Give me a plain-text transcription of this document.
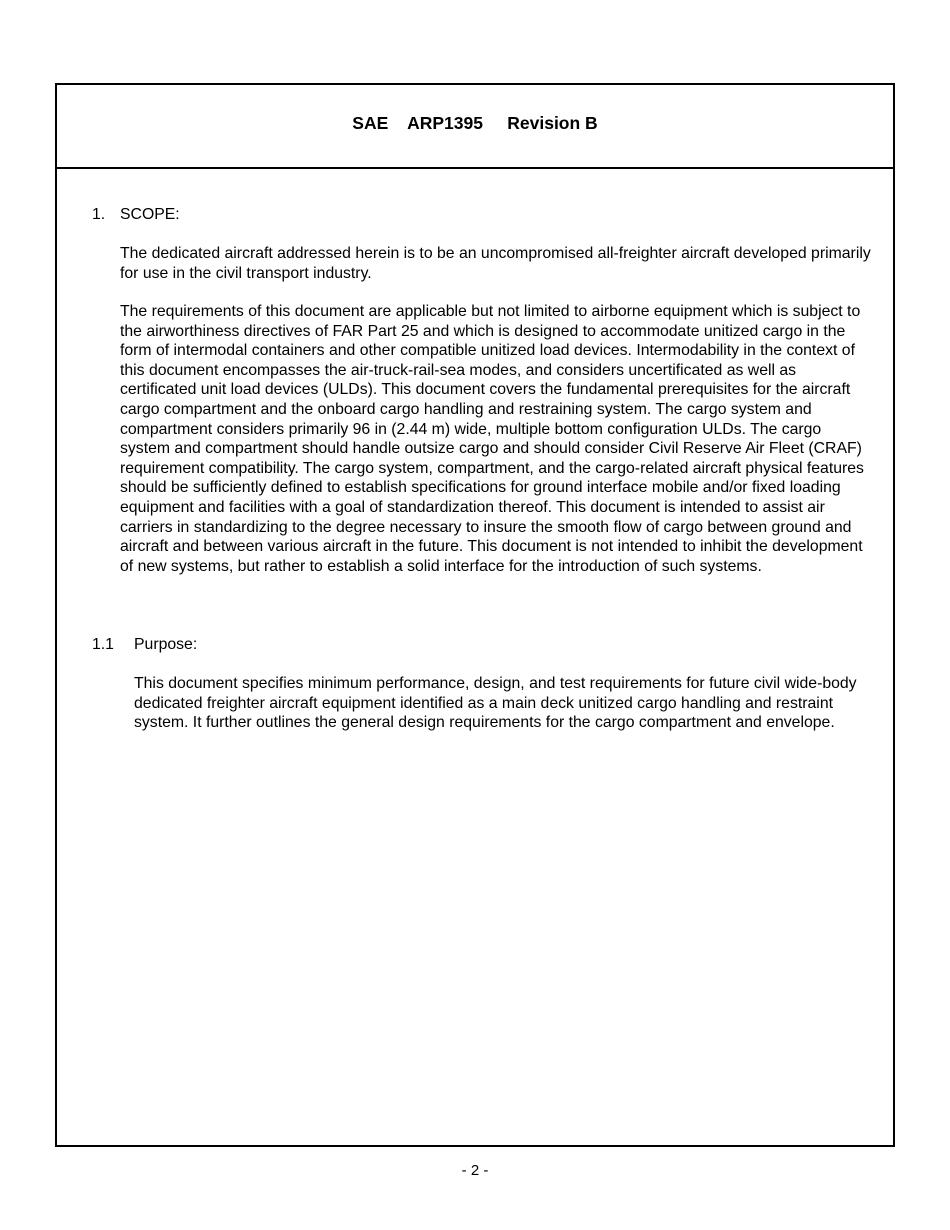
SAE    ARP1395     Revision B
1. SCOPE:
The dedicated aircraft addressed herein is to be an uncompromised all-freighter aircraft developed primarily for use in the civil transport industry.
The requirements of this document are applicable but not limited to airborne equipment which is subject to the airworthiness directives of FAR Part 25 and which is designed to accommodate unitized cargo in the form of intermodal containers and other compatible unitized load devices. Intermodability in the context of this document encompasses the air-truck-rail-sea modes, and considers uncertificated as well as certificated unit load devices (ULDs). This document covers the fundamental prerequisites for the aircraft cargo compartment and the onboard cargo handling and restraining system. The cargo system and compartment considers primarily 96 in (2.44 m) wide, multiple bottom configuration ULDs. The cargo system and compartment should handle outsize cargo and should consider Civil Reserve Air Fleet (CRAF) requirement compatibility. The cargo system, compartment, and the cargo-related aircraft physical features should be sufficiently defined to establish specifications for ground interface mobile and/or fixed loading equipment and facilities with a goal of standardization thereof. This document is intended to assist air carriers in standardizing to the degree necessary to insure the smooth flow of cargo between ground and aircraft and between various aircraft in the future. This document is not intended to inhibit the development of new systems, but rather to establish a solid interface for the introduction of such systems.
1.1 Purpose:
This document specifies minimum performance, design, and test requirements for future civil wide-body dedicated freighter aircraft equipment identified as a main deck unitized cargo handling and restraint system. It further outlines the general design requirements for the cargo compartment and envelope.
- 2 -
